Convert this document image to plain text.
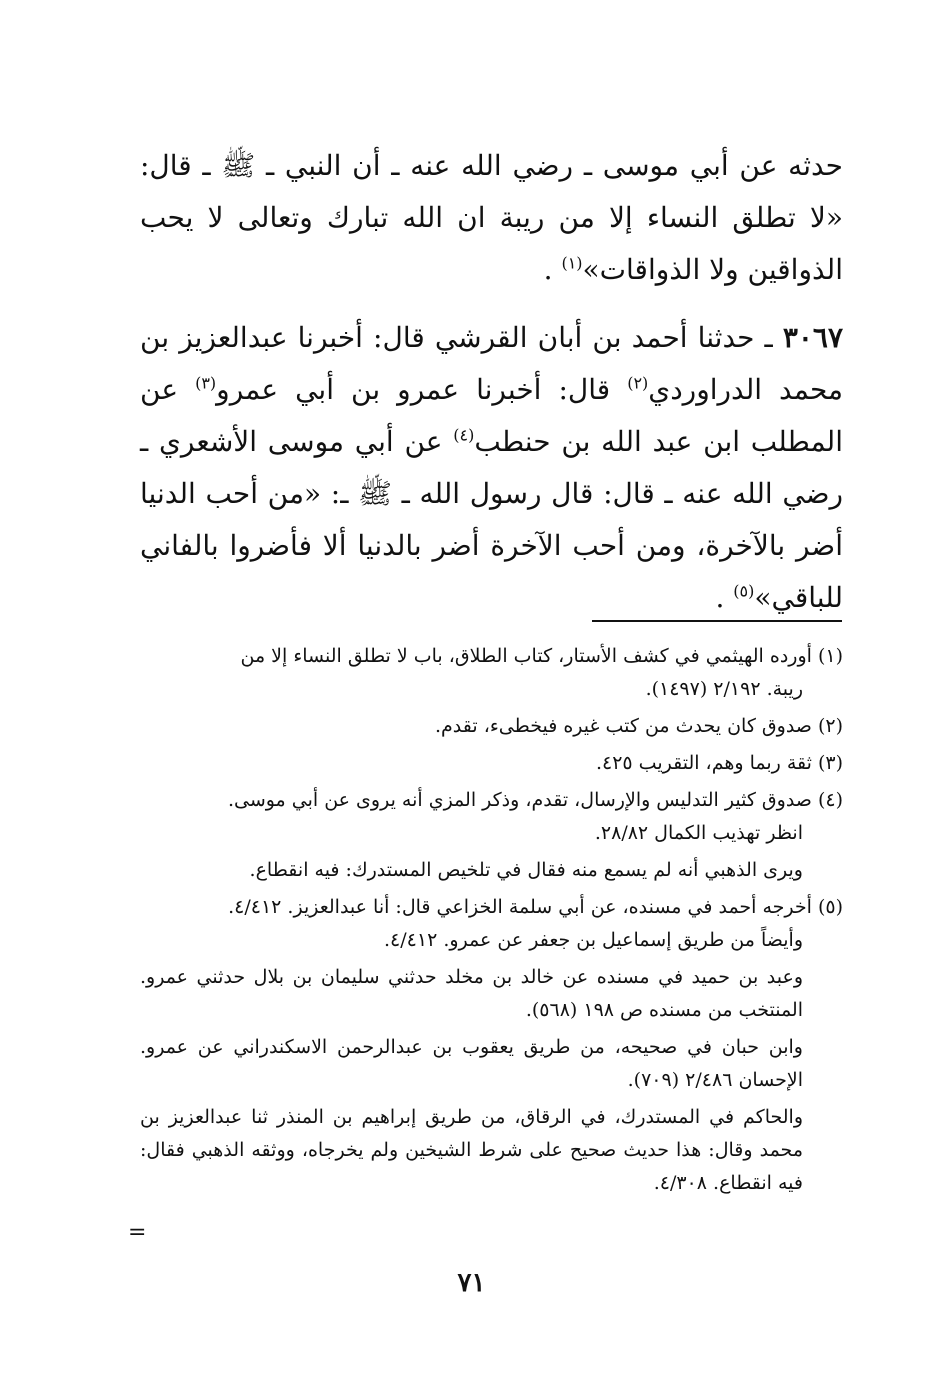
حدثه عن أبي موسى ـ رضي الله عنه ـ أن النبي ـ ﷺ ـ قال: «لا تطلق النساء إلا من ريبة ان الله تبارك وتعالى لا يحب الذواقين ولا الذواقات»$^{(١)}$ .

٣٠٦٧ ـ حدثنا أحمد بن أبان القرشي قال: أخبرنا عبدالعزيز بن محمد الدراوردي$^{(٢)}$ قال: أخبرنا عمرو بن أبي عمرو$^{(٣)}$ عن المطلب ابن عبد الله بن حنطب$^{(٤)}$ عن أبي موسى الأشعري ـ رضي الله عنه ـ قال: قال رسول الله ـ ﷺ ـ: «من أحب الدنيا أضر بالآخرة، ومن أحب الآخرة أضر بالدنيا ألا فأضروا بالفاني للباقي»$^{(٥)}$ .

(١)أورده الهيثمي في كشف الأستار، كتاب الطلاق، باب لا تطلق النساء إلا من
ريبة. ٢/١٩٢ (١٤٩٧).
(٢)صدوق كان يحدث من كتب غيره فيخطىء، تقدم.
(٣)ثقة ربما وهم، التقريب ٤٢٥.
(٤)صدوق كثير التدليس والإرسال، تقدم، وذكر المزي أنه يروى عن أبي موسى.
انظر تهذيب الكمال ٢٨/٨٢.
ويرى الذهبي أنه لم يسمع منه فقال في تلخيص المستدرك: فيه انقطاع.
(٥)أخرجه أحمد في مسنده، عن أبي سلمة الخزاعي قال: أنا عبدالعزيز. ٤/٤١٢.
وأيضاً من طريق إسماعيل بن جعفر عن عمرو. ٤/٤١٢.
وعبد بن حميد في مسنده عن خالد بن مخلد حدثني سليمان بن بلال حدثني عمرو. المنتخب من مسنده ص ١٩٨ (٥٦٨).
وابن حبان في صحيحه، من طريق يعقوب بن عبدالرحمن الاسكندراني عن عمرو. الإحسان ٢/٤٨٦ (٧٠٩).
والحاكم في المستدرك، في الرقاق، من طريق إبراهيم بن المنذر ثنا عبدالعزيز بن محمد وقال: هذا حديث صحيح على شرط الشيخين ولم يخرجاه، ووثقه الذهبي فقال: فيه انقطاع. ٤/٣٠٨.
=
٧١
